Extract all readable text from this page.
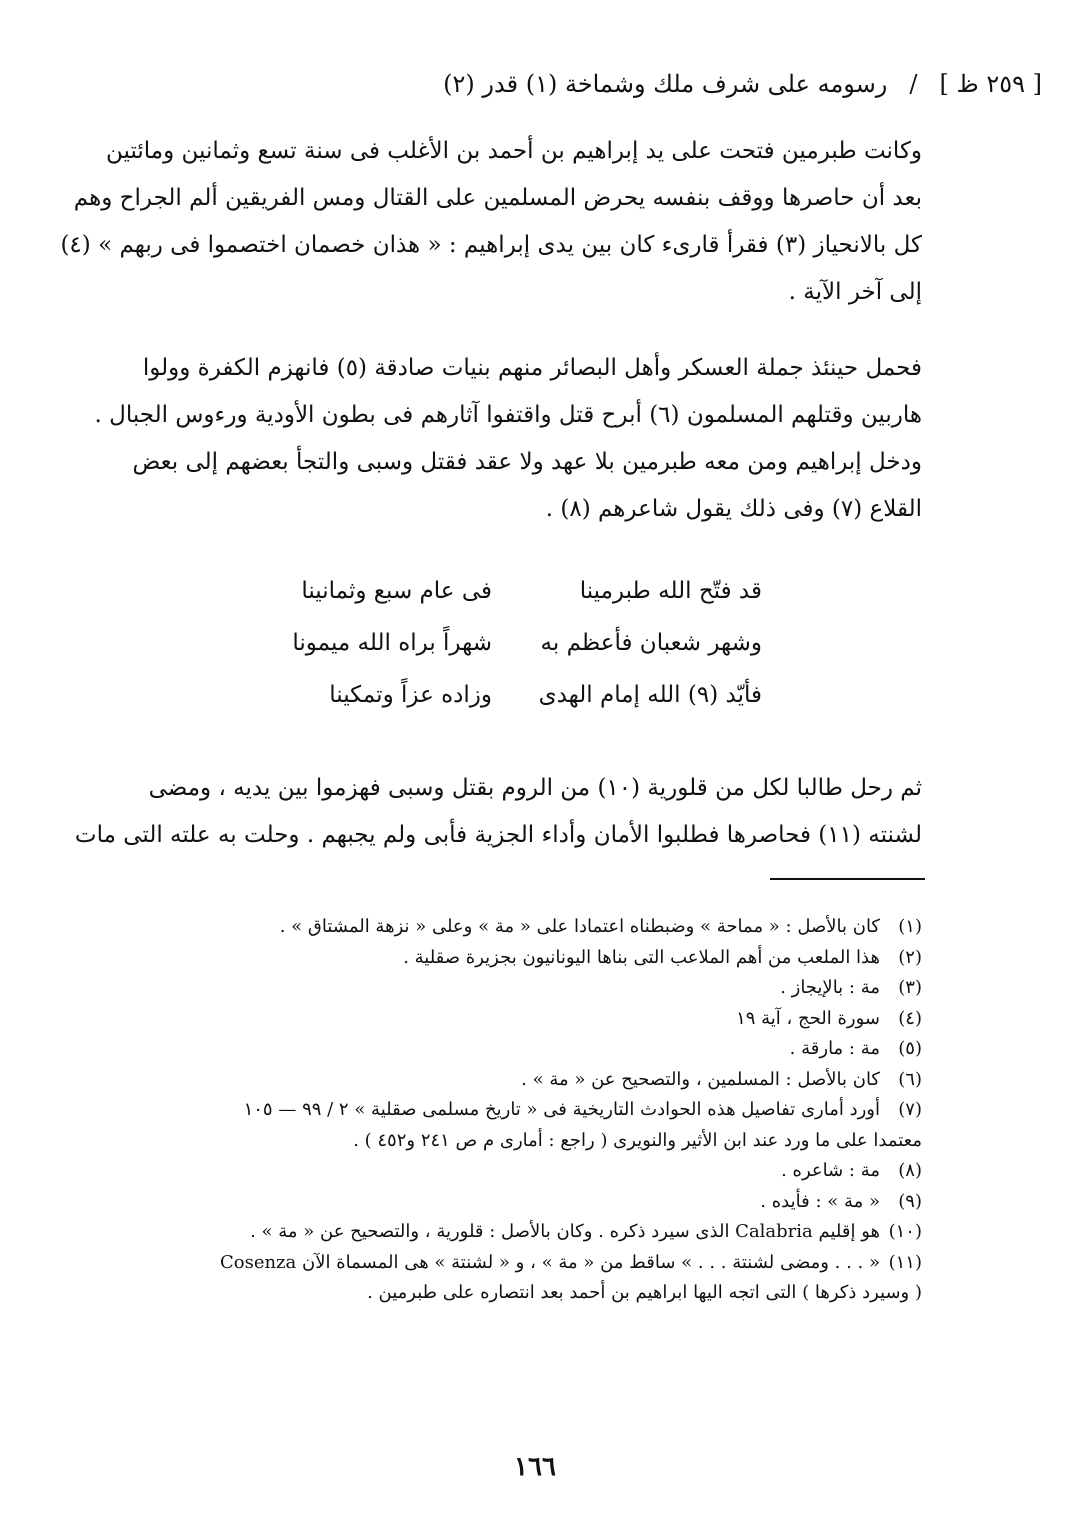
[ ٢٥٩ ظ ]
/
رسومه على شرف ملك وشماخة (١) قدر (٢)
وكانت طبرمين فتحت على يد إبراهيم بن أحمد بن الأغلب فى سنة تسع وثمانين ومائتين
بعد أن حاصرها ووقف بنفسه يحرض المسلمين على القتال ومس الفريقين ألم الجراح وهم
كل بالانحياز (٣) فقرأ قارىء كان بين يدى إبراهيم : « هذان خصمان اختصموا فى ربهم » (٤)
إلى آخر الآية .
فحمل حينئذ جملة العسكر وأهل البصائر منهم بنيات صادقة (٥) فانهزم الكفرة وولوا
هاربين وقتلهم المسلمون (٦) أبرح قتل واقتفوا آثارهم فى بطون الأودية ورءوس الجبال .
ودخل إبراهيم ومن معه طبرمين بلا عهد ولا عقد فقتل وسبى والتجأ بعضهم إلى بعض
القلاع (٧) وفى ذلك يقول شاعرهم (٨) .
قد فتّح الله طبرمينا
فى عام سبع وثمانينا
وشهر شعبان فأعظم به
شهراً براه الله ميمونا
فأيّد (٩) الله إمام الهدى
وزاده عزاً وتمكينا
ثم رحل طالبا لكل من قلورية (١٠) من الروم بقتل وسبى فهزموا بين يديه ، ومضى
لشنته (١١) فحاصرها فطلبوا الأمان وأداء الجزية فأبى ولم يجبهم . وحلت به علته التى مات
(١)كان بالأصل : « مماحة » وضبطناه اعتمادا على « مة » وعلى « نزهة المشتاق » .
(٢)هذا الملعب من أهم الملاعب التى بناها اليونانيون بجزيرة صقلية .
(٣)مة : بالإيجاز .
(٤)سورة الحج ، آية ١٩
(٥)مة : مارقة .
(٦)كان بالأصل : المسلمين ، والتصحيح عن « مة » .
(٧)أورد أمارى تفاصيل هذه الحوادث التاريخية فى « تاريخ مسلمى صقلية » ٢ / ٩٩ — ١٠٥
معتمدا على ما ورد عند ابن الأثير والنويرى ( راجع : أمارى م ص ٢٤١ و٤٥٢ ) .
(٨)مة : شاعره .
(٩)« مة » : فأيده .
(١٠)هو إقليم Calabria الذى سيرد ذكره . وكان بالأصل : قلورية ، والتصحيح عن « مة » .
(١١)« . . . ومضى لشنتة . . . » ساقط من « مة » ، و « لشنتة » هى المسماة الآن Cosenza
( وسيرد ذكرها ) التى اتجه اليها ابراهيم بن أحمد بعد انتصاره على طبرمين .
١٦٦
